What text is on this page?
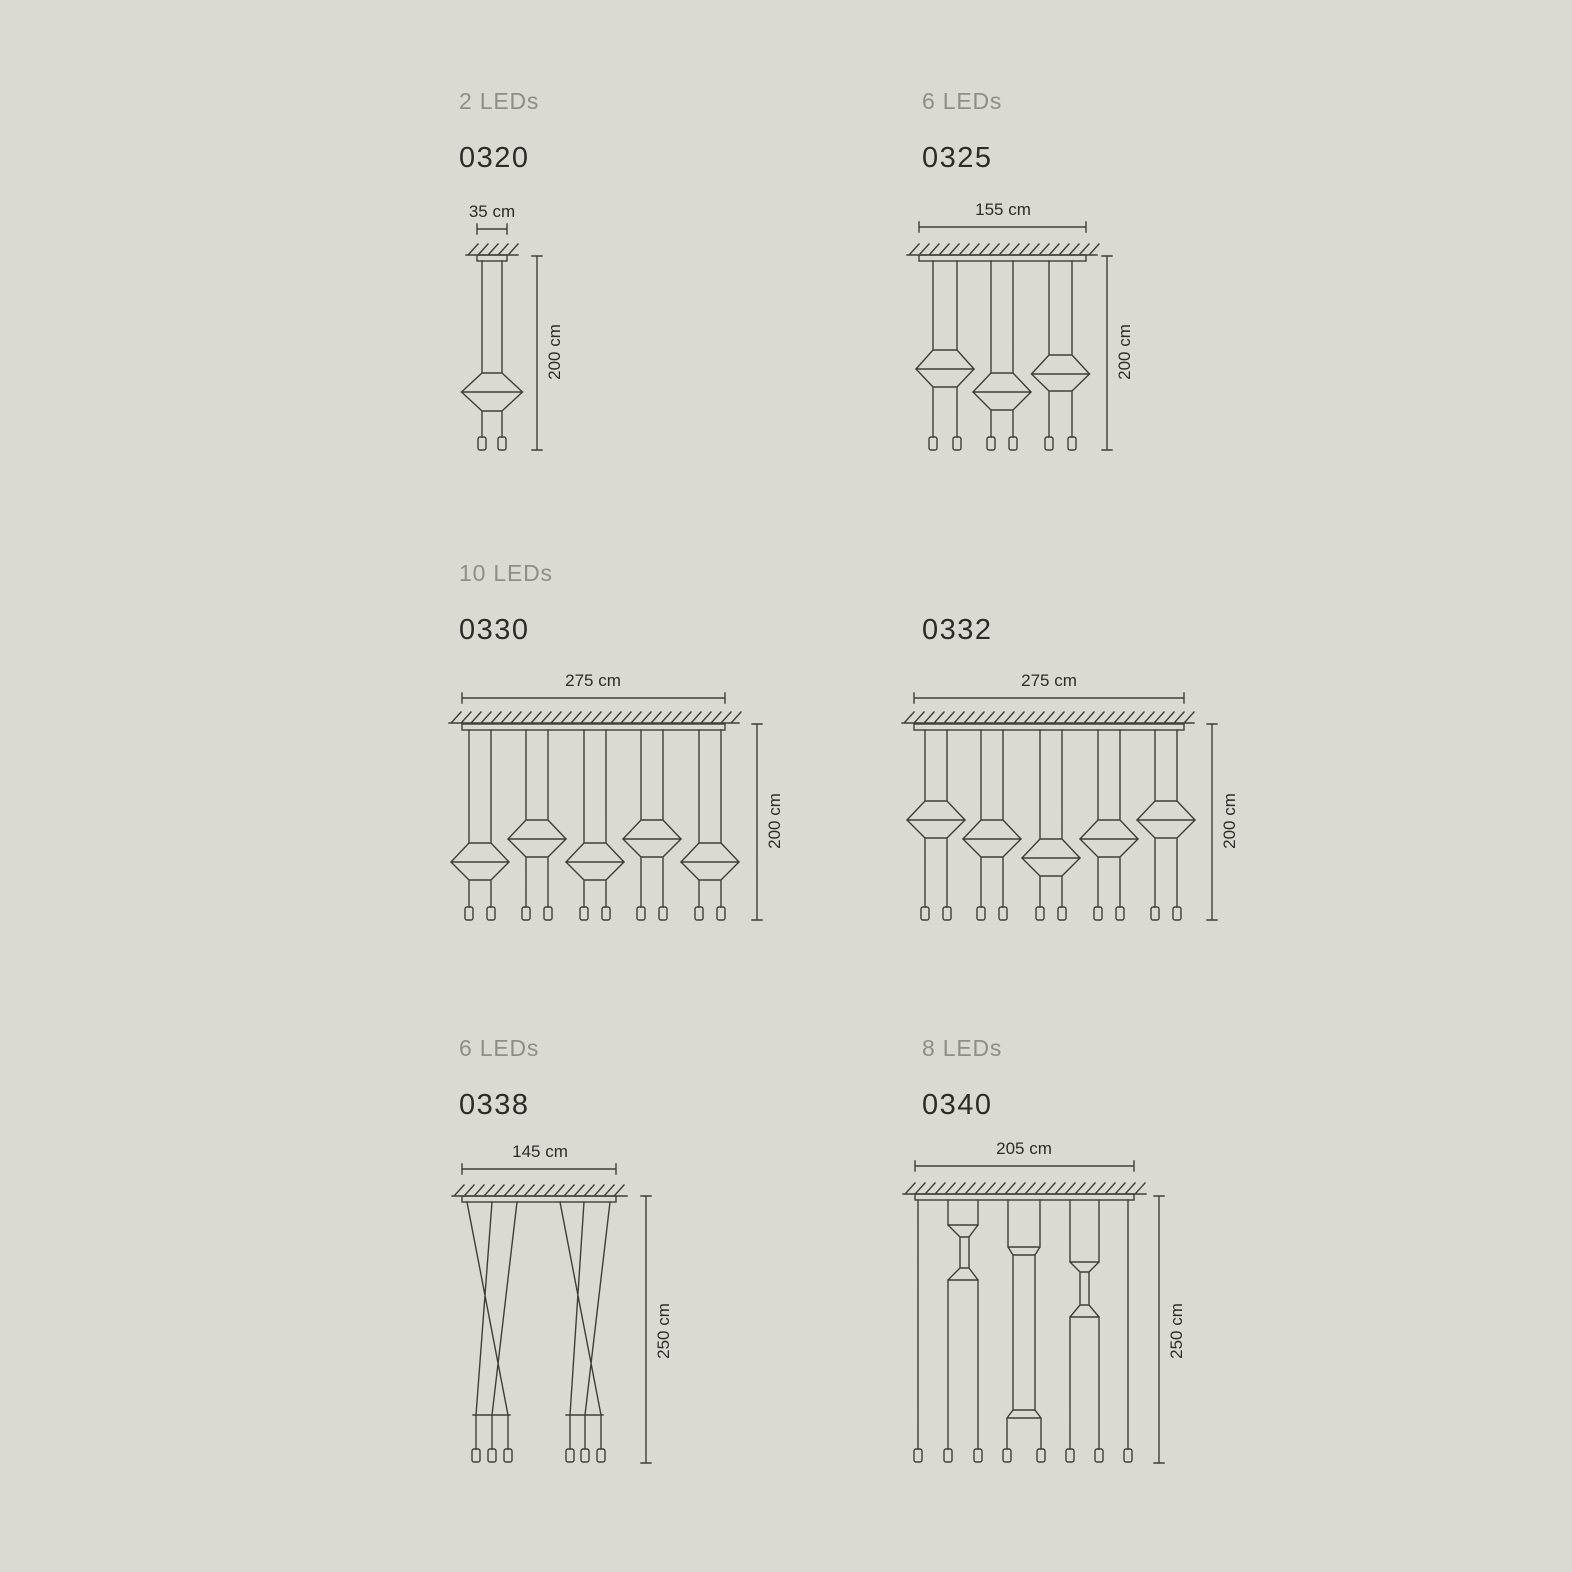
2 LEDs
0320
35 cm
200 cm
6 LEDs
0325
155 cm
200 cm
10 LEDs
0330
275 cm
200 cm
0332
275 cm
200 cm
6 LEDs
0338
145 cm
250 cm
8 LEDs
0340
205 cm
250 cm
